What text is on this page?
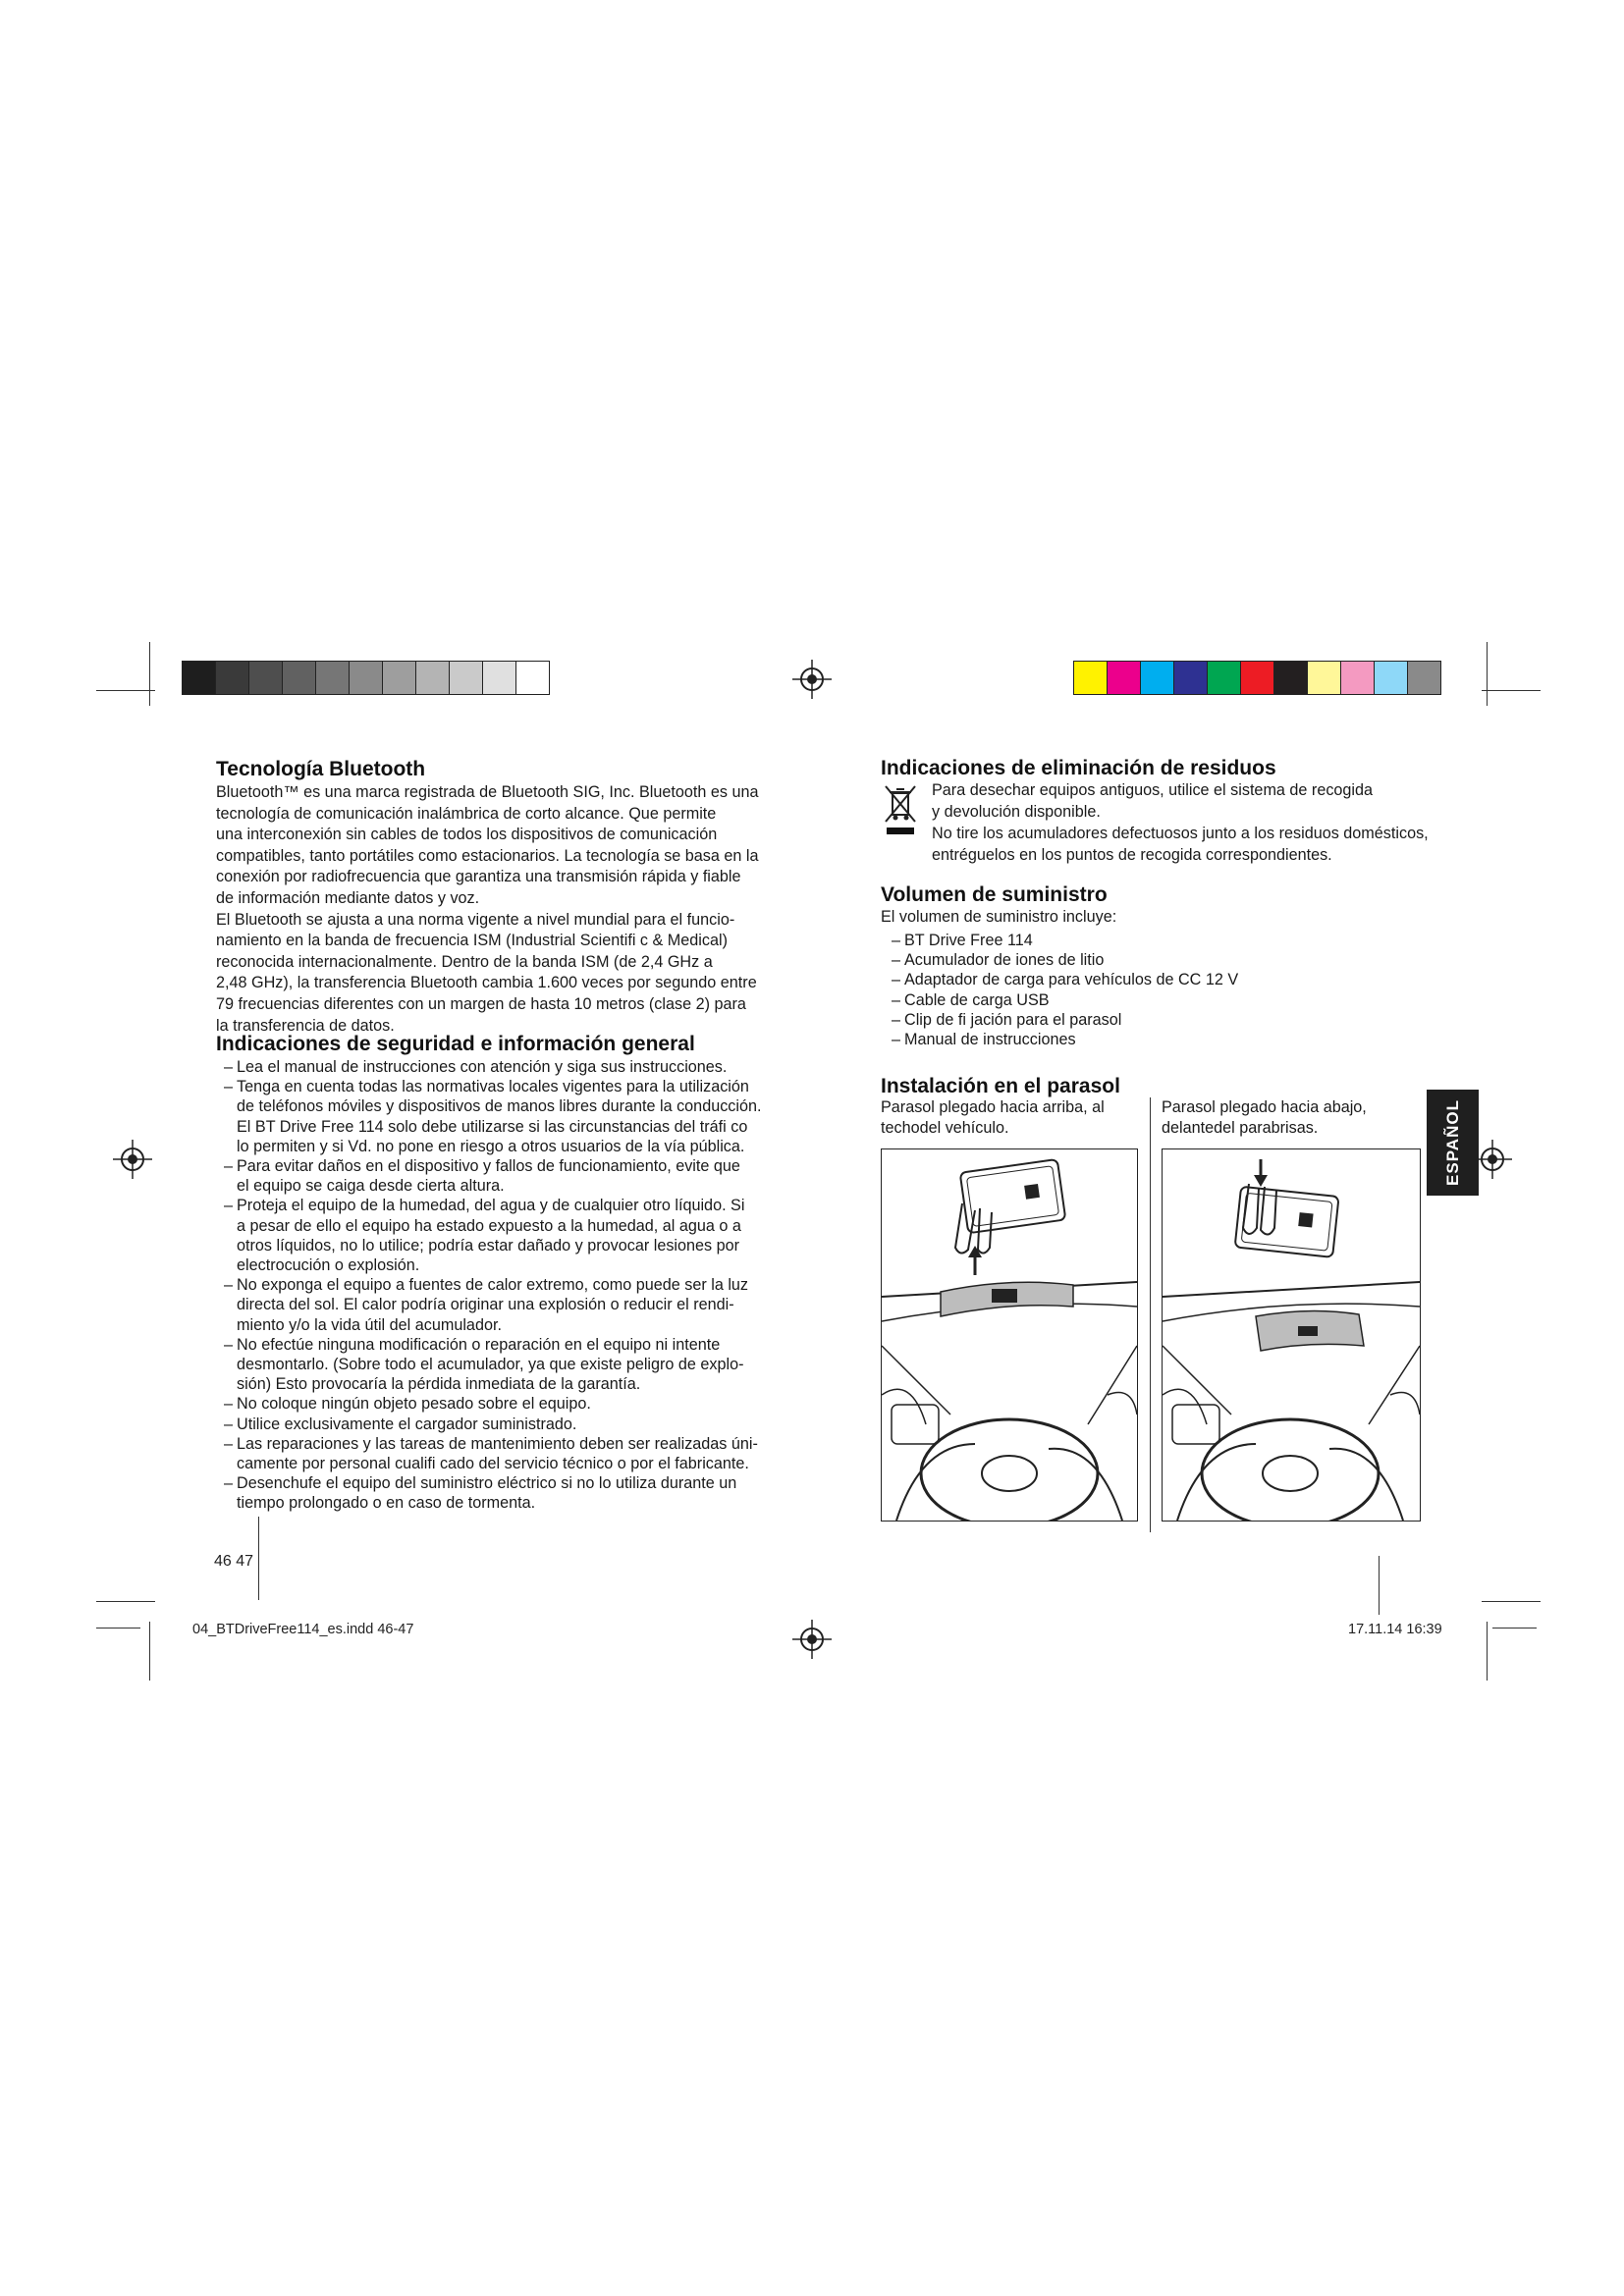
Tecnología Bluetooth
Bluetooth™ es una marca registrada de Bluetooth SIG, Inc. Bluetooth es una
tecnología de comunicación inalámbrica de corto alcance. Que permite
una interconexión sin cables de todos los dispositivos de comunicación
compatibles, tanto portátiles como estacionarios. La tecnología se basa en la
conexión por radiofrecuencia que garantiza una transmisión rápida y fiable
de información mediante datos y voz.
El Bluetooth se ajusta a una norma vigente a nivel mundial para el funcio-
namiento en la banda de frecuencia ISM (Industrial Scientifi c & Medical)
reconocida internacionalmente. Dentro de la banda ISM (de 2,4 GHz a
2,48 GHz), la transferencia Bluetooth cambia 1.600 veces por segundo entre
79 frecuencias diferentes con un margen de hasta 10 metros (clase 2) para
la transferencia de datos.
Indicaciones de seguridad e información general
– Lea el manual de instrucciones con atención y siga sus instrucciones.
– Tenga en cuenta todas las normativas locales vigentes para la utilización
de teléfonos móviles y dispositivos de manos libres durante la conducción.
El BT Drive Free 114 solo debe utilizarse si las circunstancias del tráfi co
lo permiten y si Vd. no pone en riesgo a otros usuarios de la vía pública.
– Para evitar daños en el dispositivo y fallos de funcionamiento, evite que
el equipo se caiga desde cierta altura.
– Proteja el equipo de la humedad, del agua y de cualquier otro líquido. Si
a pesar de ello el equipo ha estado expuesto a la humedad, al agua o a
otros líquidos, no lo utilice; podría estar dañado y provocar lesiones por
electrocución o explosión.
– No exponga el equipo a fuentes de calor extremo, como puede ser la luz
directa del sol. El calor podría originar una explosión o reducir el rendi-
miento y/o la vida útil del acumulador.
– No efectúe ninguna modificación o reparación en el equipo ni intente
desmontarlo. (Sobre todo el acumulador, ya que existe peligro de explo-
sión) Esto provocaría la pérdida inmediata de la garantía.
– No coloque ningún objeto pesado sobre el equipo.
– Utilice exclusivamente el cargador suministrado.
– Las reparaciones y las tareas de mantenimiento deben ser realizadas úni-
camente por personal cualifi cado del servicio técnico o por el fabricante.
– Desenchufe el equipo del suministro eléctrico si no lo utiliza durante un
tiempo prolongado o en caso de tormenta.
46 47
Indicaciones de eliminación de residuos
Para desechar equipos antiguos, utilice el sistema de recogida
y devolución disponible.
No tire los acumuladores defectuosos junto a los residuos domésticos,
entréguelos en los puntos de recogida correspondientes.
Volumen de suministro
El volumen de suministro incluye:
– BT Drive Free 114
– Acumulador de iones de litio
– Adaptador de carga para vehículos de CC 12 V
– Cable de carga USB
– Clip de fi jación para el parasol
– Manual de instrucciones
Instalación en el parasol
Parasol plegado hacia arriba, al techodel vehículo.
Parasol plegado hacia abajo, delantedel parabrisas.	ESPAÑOL
04_BTDriveFree114_es.indd 46-47	17.11.14 16:39
